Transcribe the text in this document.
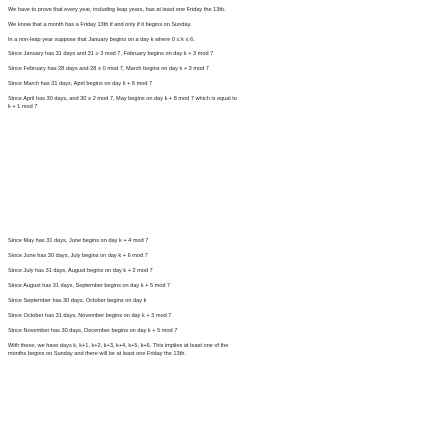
We have to prove that every year, including leap years, has at least one Friday the 13th.
We know that a month has a Friday 13th if and only if it begins on Sunday.
In a non-leap year suppose that January begins on a day k where 0 ≤ k ≤ 6.
Since January has 31 days and 31 ≡ 3 mod 7, February begins on day k + 3 mod 7
Since February has 28 days and 28 ≡ 0 mod 7, March begins on day k + 3 mod 7
Since March has 31 days, April begins on day k + 6 mod 7
Since April has 30 days, and 30 ≡ 2 mod 7, May begins on day k + 8 mod 7 which is equal to
k + 1 mod 7
Since May has 31 days, June begins on day k + 4 mod 7
Since June has 30 days, July begins on day k + 6 mod 7
Since July has 31 days, August begins on day k + 2 mod 7
Since August has 31 days, September begins on day k + 5 mod 7
Since September has 30 days, October begins on day k
Since October has 31 days, November begins on day k + 3 mod 7
Since November has 30 days, December begins on day k + 5 mod 7
With these, we have days k, k+1, k+2, k+3, k+4, k+5, k+6. This implies at least one of the
months begins on Sunday and there will be at least one Friday the 13th.
